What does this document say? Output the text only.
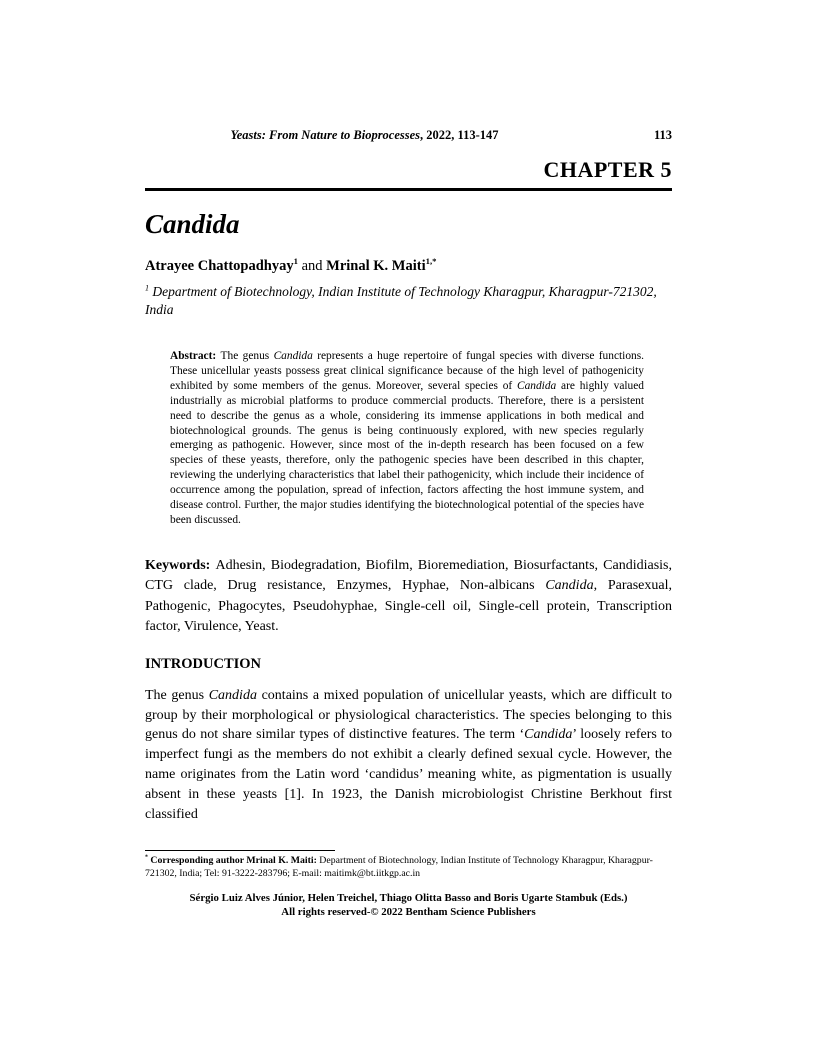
Yeasts: From Nature to Bioprocesses, 2022, 113-147	113
CHAPTER 5
Candida

Atrayee Chattopadhyay$^1$ and Mrinal K. Maiti$^{1,*}$

$^1$ Department of Biotechnology, Indian Institute of Technology Kharagpur, Kharagpur-721302, India

Abstract: The genus Candida represents a huge repertoire of fungal species with diverse functions. These unicellular yeasts possess great clinical significance because of the high level of pathogenicity exhibited by some members of the genus. Moreover, several species of Candida are highly valued industrially as microbial platforms to produce commercial products. Therefore, there is a persistent need to describe the genus as a whole, considering its immense applications in both medical and biotechnological grounds. The genus is being continuously explored, with new species regularly emerging as pathogenic. However, since most of the in-depth research has been focused on a few species of these yeasts, therefore, only the pathogenic species have been described in this chapter, reviewing the underlying characteristics that label their pathogenicity, which include their incidence of occurrence among the population, spread of infection, factors affecting the host immune system, and disease control. Further, the major studies identifying the biotechnological potential of the species have been discussed.

Keywords: Adhesin, Biodegradation, Biofilm, Bioremediation, Biosurfactants, Candidiasis, CTG clade, Drug resistance, Enzymes, Hyphae, Non-albicans Candida, Parasexual, Pathogenic, Phagocytes, Pseudohyphae, Single-cell oil, Single-cell protein, Transcription factor, Virulence, Yeast.

INTRODUCTION

The genus Candida contains a mixed population of unicellular yeasts, which are difficult to group by their morphological or physiological characteristics. The species belonging to this genus do not share similar types of distinctive features. The term ‘Candida’ loosely refers to imperfect fungi as the members do not exhibit a clearly defined sexual cycle. However, the name originates from the Latin word ‘candidus’ meaning white, as pigmentation is usually absent in these yeasts [1]. In 1923, the Danish microbiologist Christine Berkhout first classified

* Corresponding author Mrinal K. Maiti: Department of Biotechnology, Indian Institute of Technology Kharagpur, Kharagpur-721302, India; Tel: 91-3222-283796; E-mail: maitimk@bt.iitkgp.ac.in

Sérgio Luiz Alves Júnior, Helen Treichel, Thiago Olitta Basso and Boris Ugarte Stambuk (Eds.)

All rights reserved-© 2022 Bentham Science Publishers
